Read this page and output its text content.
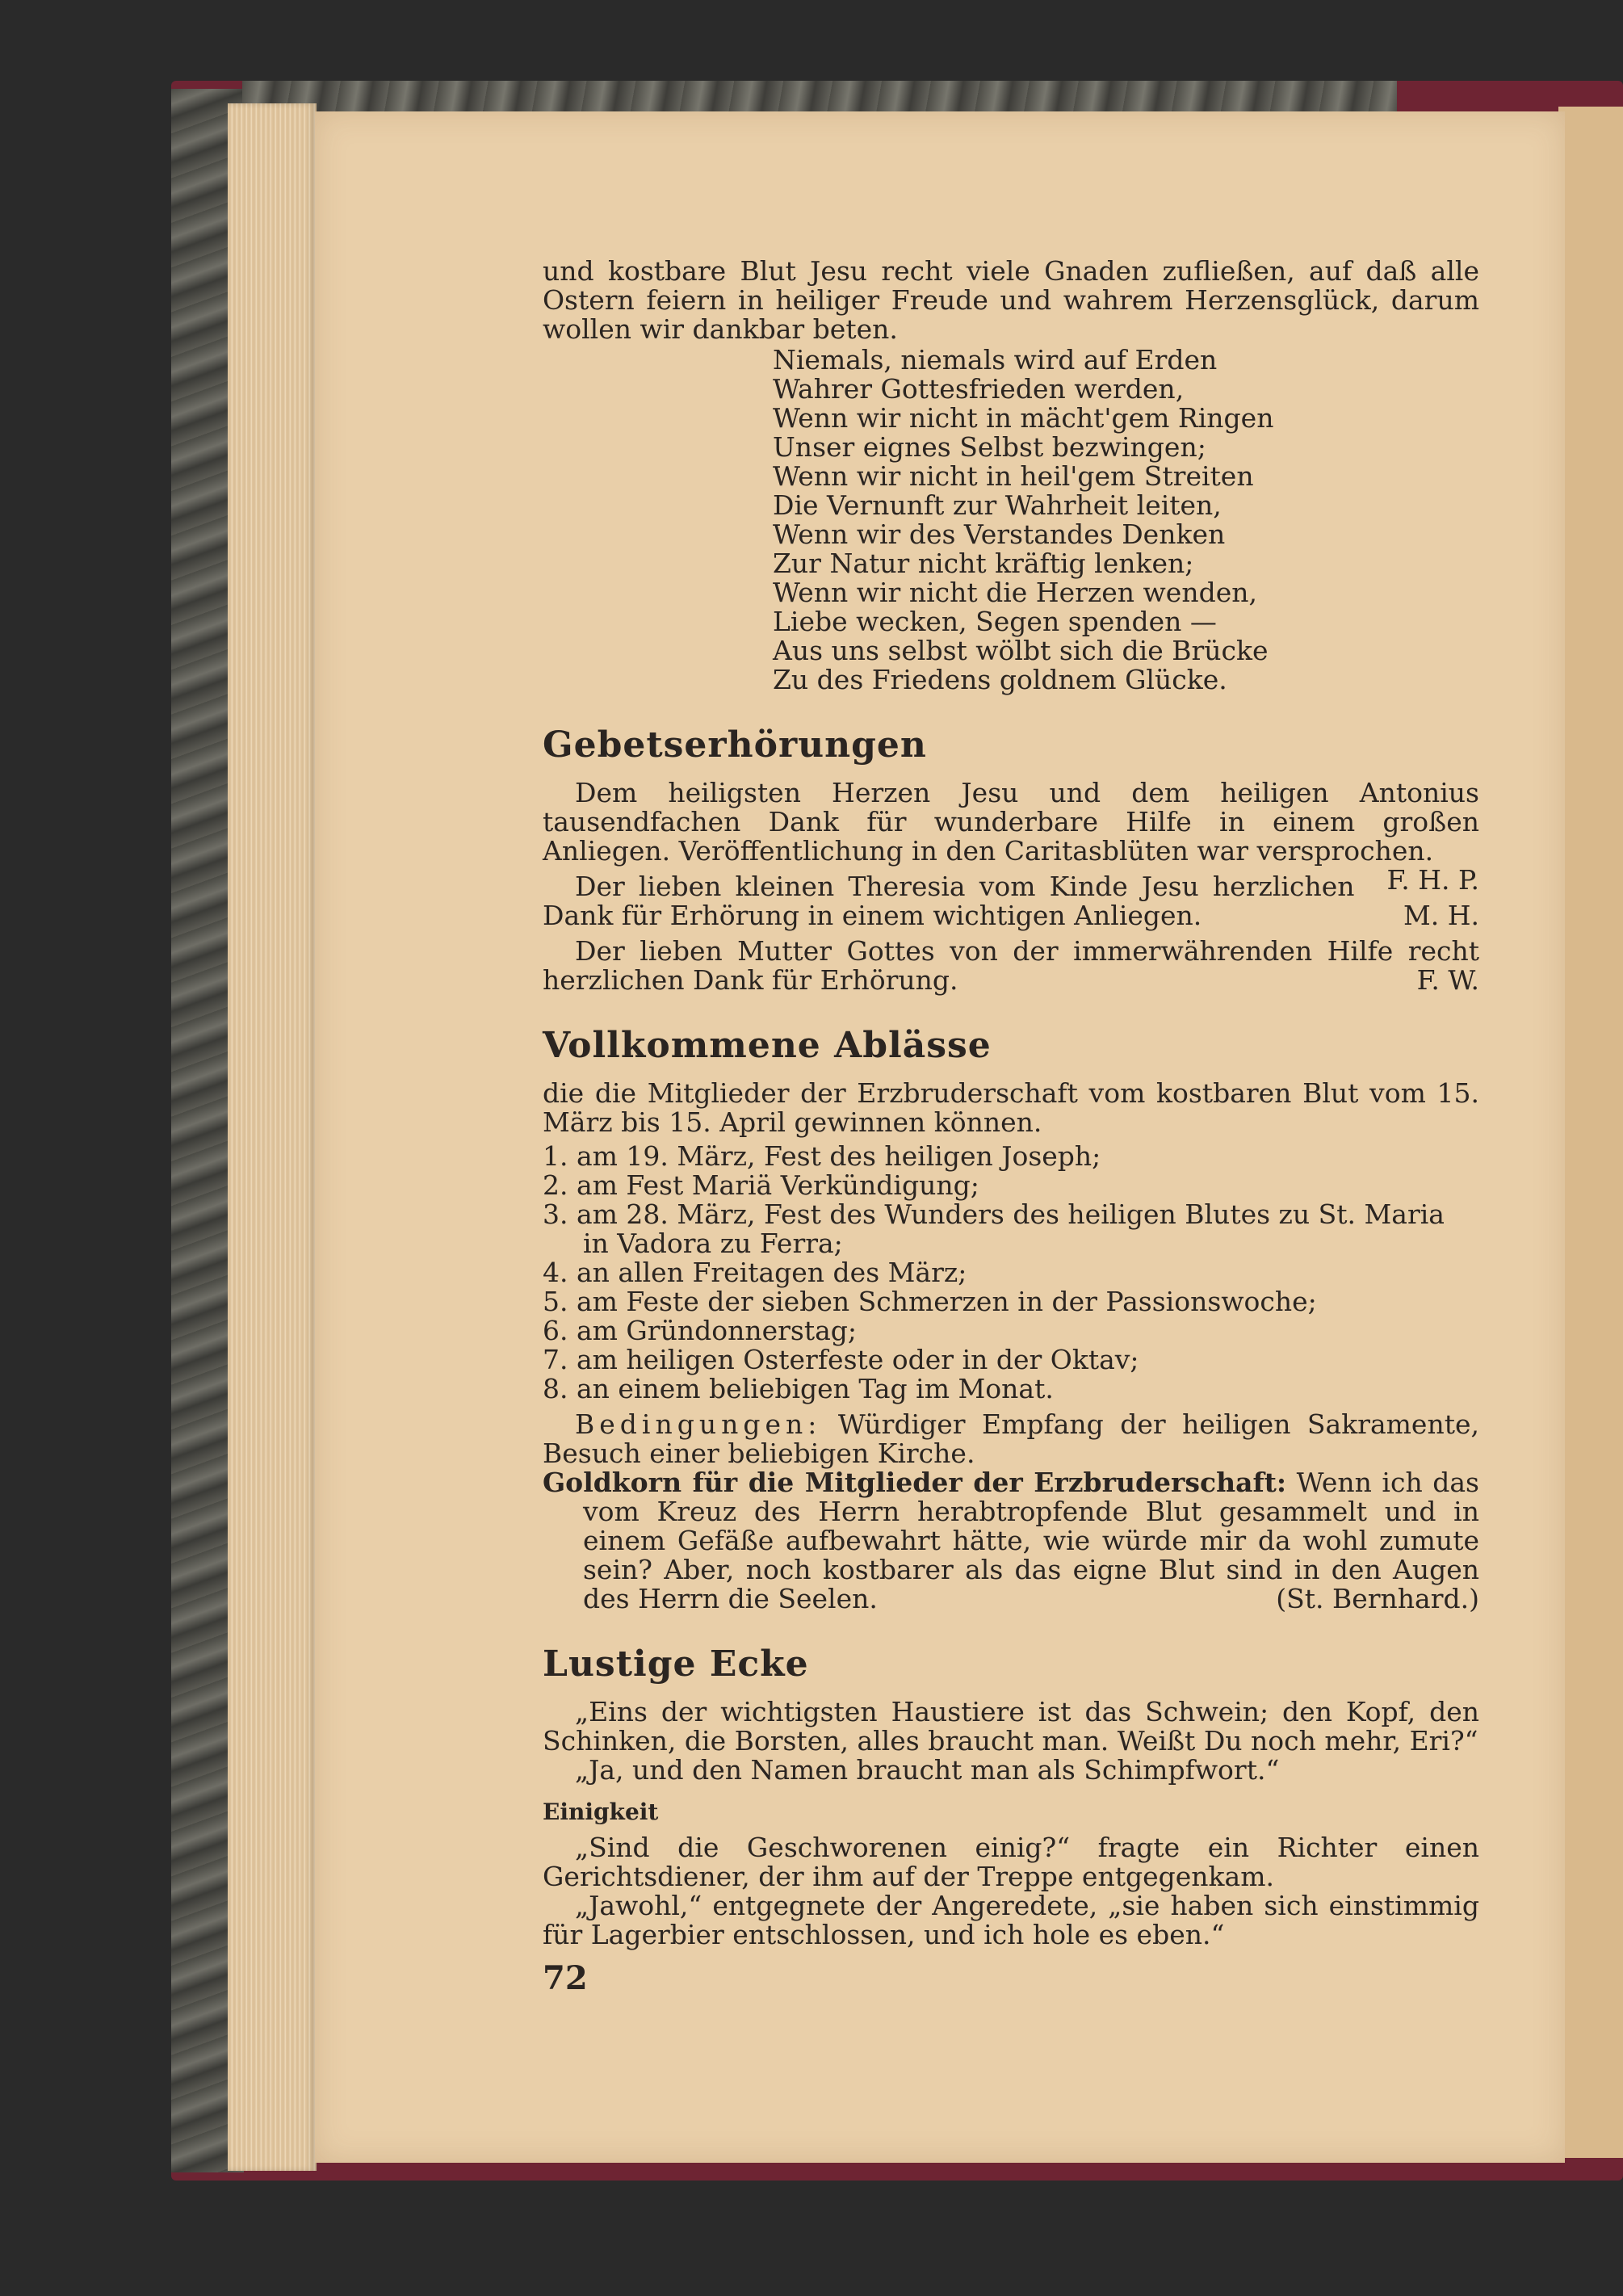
und kostbare Blut Jesu recht viele Gnaden zufließen, auf daß alle Ostern feiern in heiliger Freude und wahrem Herzensglück, darum wollen wir dankbar beten.

Niemals, niemals wird auf Erden
Wahrer Gottesfrieden werden,
Wenn wir nicht in mächt'gem Ringen
Unser eignes Selbst bezwingen;
Wenn wir nicht in heil'gem Streiten
Die Vernunft zur Wahrheit leiten,
Wenn wir des Verstandes Denken
Zur Natur nicht kräftig lenken;
Wenn wir nicht die Herzen wenden,
Liebe wecken, Segen spenden —
Aus uns selbst wölbt sich die Brücke
Zu des Friedens goldnem Glücke.
Gebetserhörungen

Dem heiligsten Herzen Jesu und dem heiligen Antonius tausendfachen Dank für wunderbare Hilfe in einem großen Anliegen. Veröffentlichung in den Caritasblüten war versprochen.
F. H. P.

Der lieben kleinen Theresia vom Kinde Jesu herzlichen Dank für Erhörung in einem wichtigen Anliegen.	M. H.

Der lieben Mutter Gottes von der immerwährenden Hilfe recht herzlichen Dank für Erhörung.	F. W.

Vollkommene Ablässe

die die Mitglieder der Erzbruderschaft vom kostbaren Blut vom 15. März bis 15. April gewinnen können.

1. am 19. März, Fest des heiligen Joseph;
2. am Fest Mariä Verkündigung;
3. am 28. März, Fest des Wunders des heiligen Blutes zu St. Maria
in Vadora zu Ferra;
4. an allen Freitagen des März;
5. am Feste der sieben Schmerzen in der Passionswoche;
6. am Gründonnerstag;
7. am heiligen Osterfeste oder in der Oktav;
8. an einem beliebigen Tag im Monat.

Bedingungen: Würdiger Empfang der heiligen Sakramente, Besuch einer beliebigen Kirche.

Goldkorn für die Mitglieder der Erzbruderschaft: Wenn ich das vom Kreuz des Herrn herabtropfende Blut gesammelt und in einem Gefäße aufbewahrt hätte, wie würde mir da wohl zumute sein? Aber, noch kostbarer als das eigne Blut sind in den Augen des Herrn die Seelen.	(St. Bernhard.)

Lustige Ecke

„Eins der wichtigsten Haustiere ist das Schwein; den Kopf, den Schinken, die Borsten, alles braucht man. Weißt Du noch mehr, Eri?“

„Ja, und den Namen braucht man als Schimpfwort.“

Einigkeit

„Sind die Geschworenen einig?“ fragte ein Richter einen Gerichtsdiener, der ihm auf der Treppe entgegenkam.

„Jawohl,“ entgegnete der Angeredete, „sie haben sich einstimmig für Lagerbier entschlossen, und ich hole es eben.“

72
